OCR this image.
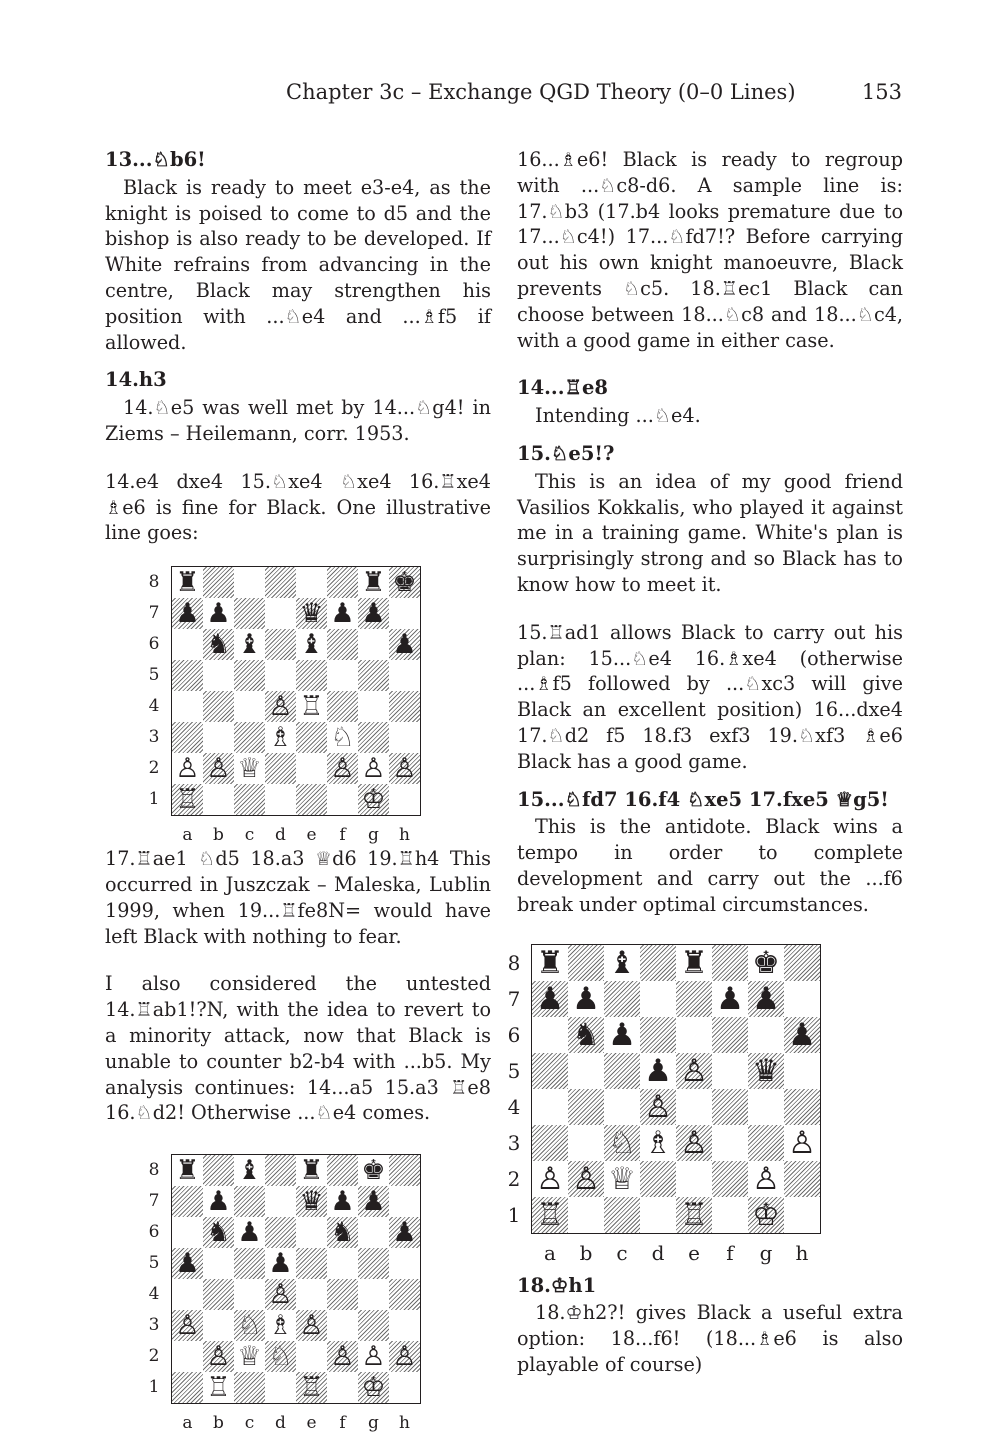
Chapter 3c – Exchange QGD Theory (0–0 Lines)	153
13...♘b6!
Black is ready to meet e3-e4, as the knight is poised to come to d5 and the bishop is also ready to be developed. If White refrains from advancing in the centre, Black may strengthen his position with ...♘e4 and ...♗f5 if allowed.
14.h3
14.♘e5 was well met by 14...♘g4! in Ziems – Heilemann, corr. 1953.
14.e4 dxe4 15.♘xe4 ♘xe4 16.♖xe4 ♗e6 is fine for Black. One illustrative line goes:
♜	♜ ♚
♟ ♟	♛ ♟ ♟
♞ ♝ ♝	♟
♙ ♖
♗ ♘
♙ ♙ ♕	♙ ♙ ♙
♖	♔
8
7
6
5
4
3
2
1
a	b	c	d	e	f	g	h
17.♖ae1 ♘d5 18.a3 ♕d6 19.♖h4 This occurred in Juszczak – Maleska, Lublin 1999, when 19...♖fe8N= would have left Black with nothing to fear.
I also considered the untested 14.♖ab1!?N, with the idea to revert to a minority attack, now that Black is unable to counter b2-b4 with ...b5. My analysis continues: 14...a5 15.a3 ♖e8 16.♘d2! Otherwise ...♘e4 comes.
♜ ♝ ♜ ♚
♟	♛ ♟ ♟
♞ ♟	♞ ♟
♟	♟
♙
♙ ♘ ♗ ♙
♙ ♕ ♘ ♙ ♙ ♙
♖	♖ ♔
8
7
6
5
4
3
2
1
a	b	c	d	e	f	g	h
16...♗e6! Black is ready to regroup with ...♘c8-d6. A sample line is: 17.♘b3 (17.b4 looks premature due to 17...♘c4!) 17...♘fd7!? Before carrying out his own knight manoeuvre, Black prevents ♘c5. 18.♖ec1 Black can choose between 18...♘c8 and 18...♘c4, with a good game in either case.
14...♖e8
Intending ...♘e4.
15.♘e5!?
This is an idea of my good friend Vasilios Kokkalis, who played it against me in a training game. White's plan is surprisingly strong and so Black has to know how to meet it.
15.♖ad1 allows Black to carry out his plan: 15...♘e4 16.♗xe4 (otherwise ...♗f5 followed by ...♘xc3 will give Black an excellent position) 16...dxe4 17.♘d2 f5 18.f3 exf3 19.♘xf3 ♗e6 Black has a good game.
15...♘fd7 16.f4 ♘xe5 17.fxe5 ♕g5!
This is the antidote. Black wins a tempo in order to complete development and carry out the ...f6 break under optimal circumstances.
♜ ♝ ♜ ♚
♟ ♟	♟ ♟
♞ ♟	♟
♟ ♙ ♛
♙
♘ ♗ ♙	♙
♙ ♙ ♕	♙
♖	♖ ♔
8
7
6
5
4
3
2
1
a	b	c	d	e	f	g	h
18.♔h1
18.♔h2?! gives Black a useful extra option: 18...f6! (18...♗e6 is also playable of course)
